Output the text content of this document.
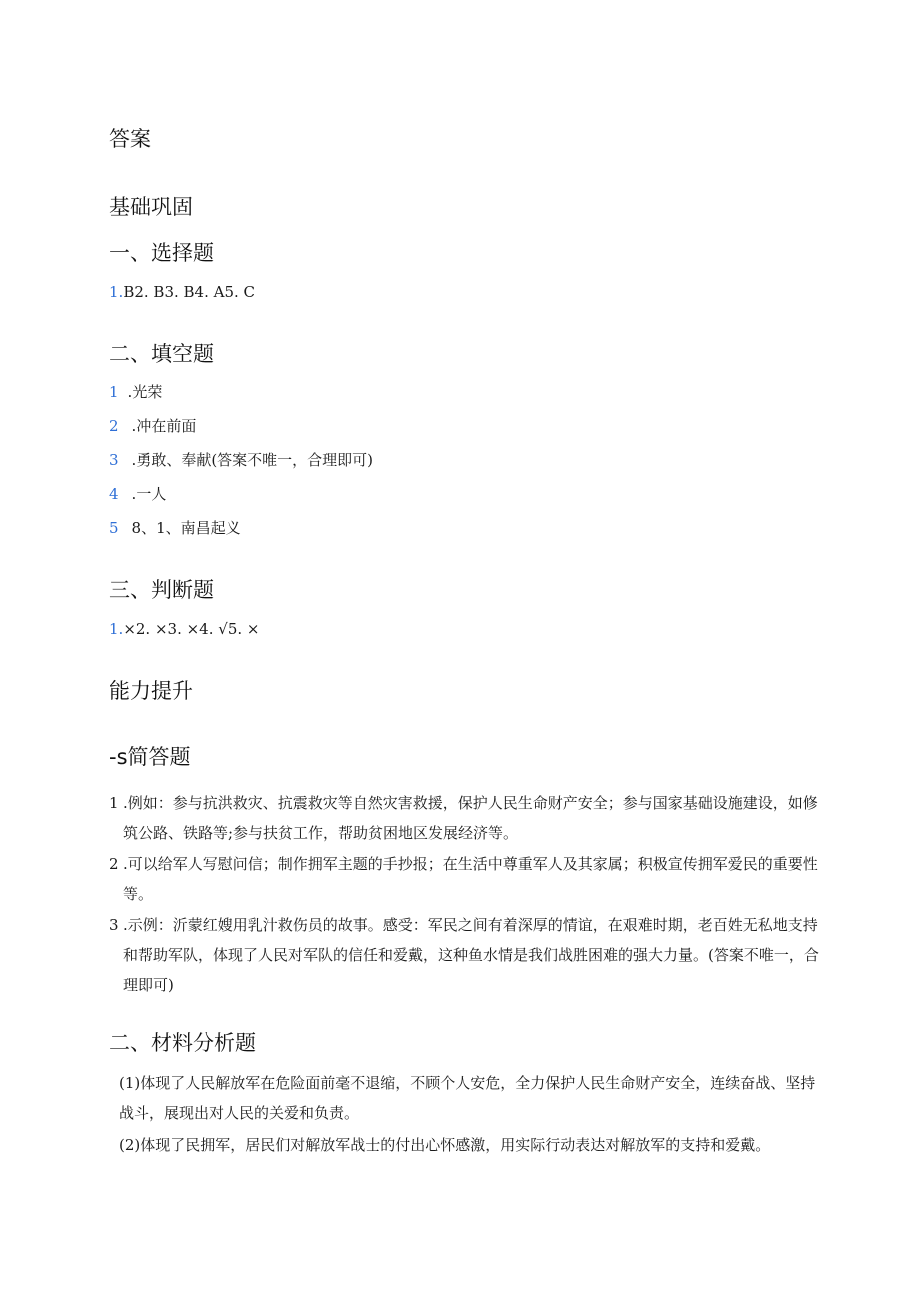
答案
基础巩固
一、选择题
1.B2. B3. B4. A5. C
二、填空题
1 .光荣
2 .冲在前面
3 .勇敢、奉献(答案不唯一，合理即可)
4 .一人
5 8、1、南昌起义
三、判断题
1.×2. ×3. ×4. √5. ×
能力提升
-s简答题
1 .例如：参与抗洪救灾、抗震救灾等自然灾害救援，保护人民生命财产安全；参与国家基础设施建设，如修筑公路、铁路等;参与扶贫工作，帮助贫困地区发展经济等。
2 .可以给军人写慰问信；制作拥军主题的手抄报；在生活中尊重军人及其家属；积极宣传拥军爱民的重要性等。
3 .示例：沂蒙红嫂用乳汁救伤员的故事。感受：军民之间有着深厚的情谊，在艰难时期，老百姓无私地支持和帮助军队，体现了人民对军队的信任和爱戴，这种鱼水情是我们战胜困难的强大力量。(答案不唯一，合理即可)
二、材料分析题
(1)体现了人民解放军在危险面前毫不退缩，不顾个人安危，全力保护人民生命财产安全，连续奋战、坚持战斗，展现出对人民的关爱和负责。
(2)体现了民拥军，居民们对解放军战士的付出心怀感激，用实际行动表达对解放军的支持和爱戴。
